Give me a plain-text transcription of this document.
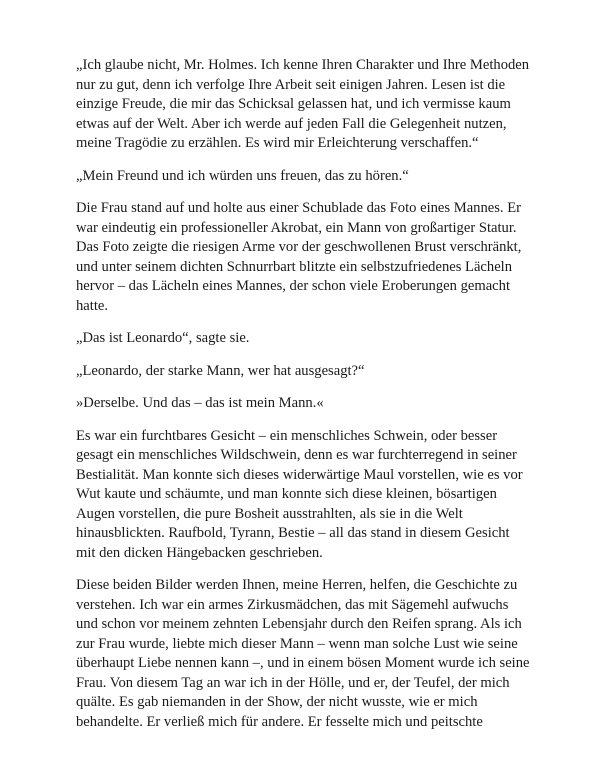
„Ich glaube nicht, Mr. Holmes. Ich kenne Ihren Charakter und Ihre Methoden nur zu gut, denn ich verfolge Ihre Arbeit seit einigen Jahren. Lesen ist die einzige Freude, die mir das Schicksal gelassen hat, und ich vermisse kaum etwas auf der Welt. Aber ich werde auf jeden Fall die Gelegenheit nutzen, meine Tragödie zu erzählen. Es wird mir Erleichterung verschaffen.“

„Mein Freund und ich würden uns freuen, das zu hören.“

Die Frau stand auf und holte aus einer Schublade das Foto eines Mannes. Er war eindeutig ein professioneller Akrobat, ein Mann von großartiger Statur. Das Foto zeigte die riesigen Arme vor der geschwollenen Brust verschränkt, und unter seinem dichten Schnurrbart blitzte ein selbstzufriedenes Lächeln hervor – das Lächeln eines Mannes, der schon viele Eroberungen gemacht hatte.

„Das ist Leonardo“, sagte sie.

„Leonardo, der starke Mann, wer hat ausgesagt?“

»Derselbe. Und das – das ist mein Mann.«

Es war ein furchtbares Gesicht – ein menschliches Schwein, oder besser gesagt ein menschliches Wildschwein, denn es war furchterregend in seiner Bestialität. Man konnte sich dieses widerwärtige Maul vorstellen, wie es vor Wut kaute und schäumte, und man konnte sich diese kleinen, bösartigen Augen vorstellen, die pure Bosheit ausstrahlten, als sie in die Welt hinausblickten. Raufbold, Tyrann, Bestie – all das stand in diesem Gesicht mit den dicken Hängebacken geschrieben.

Diese beiden Bilder werden Ihnen, meine Herren, helfen, die Geschichte zu verstehen. Ich war ein armes Zirkusmädchen, das mit Sägemehl aufwuchs und schon vor meinem zehnten Lebensjahr durch den Reifen sprang. Als ich zur Frau wurde, liebte mich dieser Mann – wenn man solche Lust wie seine überhaupt Liebe nennen kann –, und in einem bösen Moment wurde ich seine Frau. Von diesem Tag an war ich in der Hölle, und er, der Teufel, der mich quälte. Es gab niemanden in der Show, der nicht wusste, wie er mich behandelte. Er verließ mich für andere. Er fesselte mich und peitschte
